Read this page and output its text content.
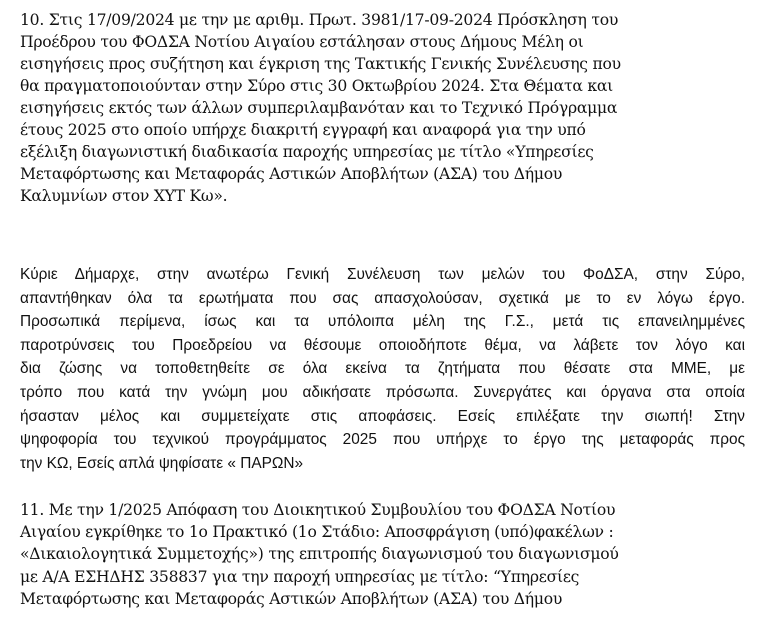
10. Στις 17/09/2024 με την με αριθμ. Πρωτ. 3981/17-09-2024 Πρόσκληση του
Προέδρου του ΦΟΔΣΑ Νοτίου Αιγαίου εστάλησαν στους Δήμους Μέλη οι
εισηγήσεις προς συζήτηση και έγκριση της Τακτικής Γενικής Συνέλευσης που
θα πραγματοποιούνταν στην Σύρο στις 30 Οκτωβρίου 2024. Στα Θέματα και
εισηγήσεις εκτός των άλλων συμπεριλαμβανόταν και το Τεχνικό Πρόγραμμα
έτους 2025 στο οποίο υπήρχε διακριτή εγγραφή και αναφορά για την υπό
εξέλιξη διαγωνιστική διαδικασία παροχής υπηρεσίας με τίτλο «Υπηρεσίες
Μεταφόρτωσης και Μεταφοράς Αστικών Αποβλήτων (ΑΣΑ) του Δήμου
Καλυμνίων στον ΧΥΤ Κω».
Κύριε Δήμαρχε, στην ανωτέρω Γενική Συνέλευση των μελών του ΦοΔΣΑ, στην Σύρο,
απαντήθηκαν όλα τα ερωτήματα που σας απασχολούσαν, σχετικά με το εν λόγω έργο.
Προσωπικά περίμενα, ίσως και τα υπόλοιπα μέλη της Γ.Σ., μετά τις επανειλημμένες
παροτρύνσεις του Προεδρείου να θέσουμε οποιοδήποτε θέμα, να λάβετε τον λόγο και
δια ζώσης να τοποθετηθείτε σε όλα εκείνα τα ζητήματα που θέσατε στα ΜΜΕ, με
τρόπο που κατά την γνώμη μου αδικήσατε πρόσωπα. Συνεργάτες και όργανα στα οποία
ήσασταν μέλος και συμμετείχατε στις αποφάσεις. Εσείς επιλέξατε την σιωπή! Στην
ψηφοφορία του τεχνικού προγράμματος 2025 που υπήρχε το έργο της μεταφοράς προς
την ΚΩ, Εσείς απλά ψηφίσατε « ΠΑΡΩΝ»
11. Με την 1/2025 Απόφαση του Διοικητικού Συμβουλίου του ΦΟΔΣΑ Νοτίου
Αιγαίου εγκρίθηκε το 1ο Πρακτικό (1ο Στάδιο: Αποσφράγιση (υπό)φακέλων :
«Δικαιολογητικά Συμμετοχής») της επιτροπής διαγωνισμού του διαγωνισμού
με Α/Α ΕΣΗΔΗΣ 358837 για την παροχή υπηρεσίας με τίτλο: “Υπηρεσίες
Μεταφόρτωσης και Μεταφοράς Αστικών Αποβλήτων (ΑΣΑ) του Δήμου
